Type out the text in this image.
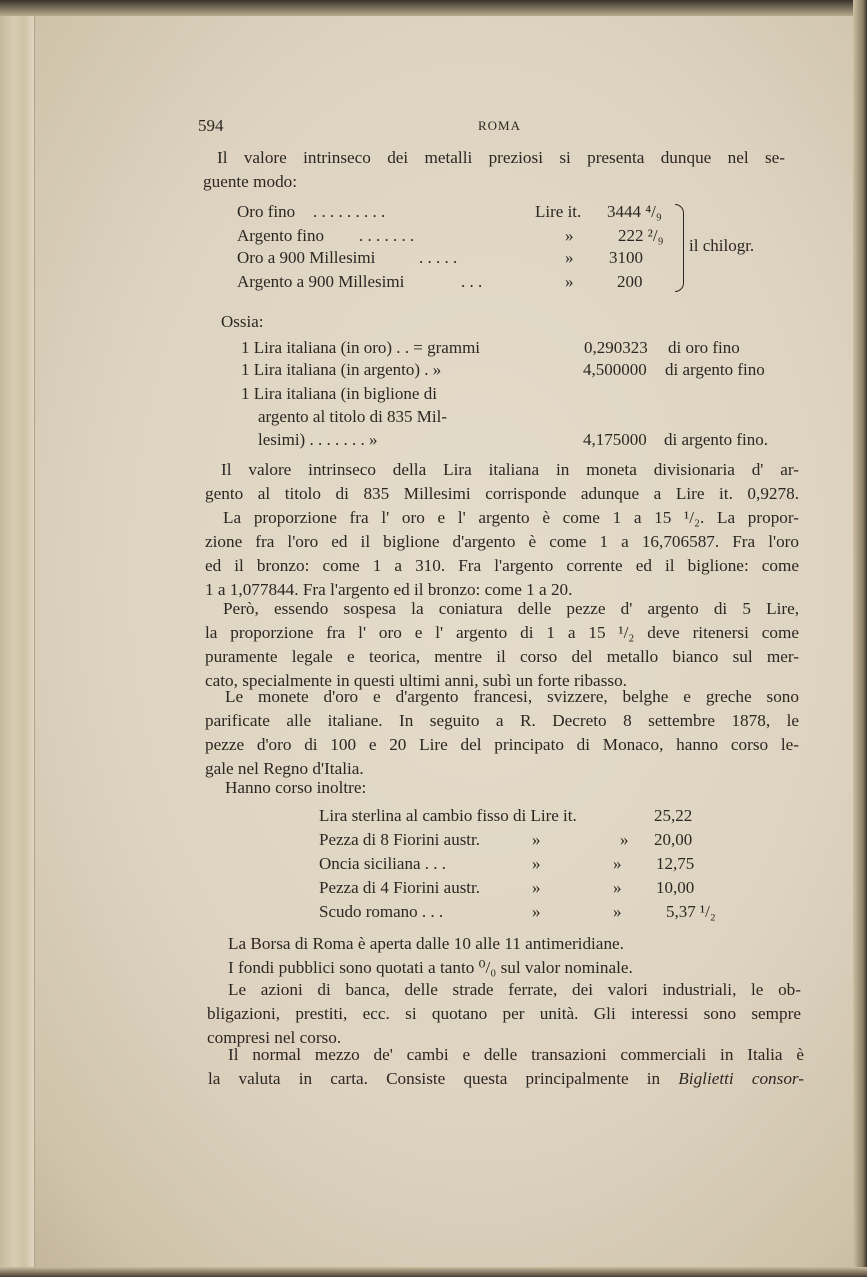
594	ROMA
Il valore intrinseco dei metalli preziosi si presenta dunque nel se-
guente modo:
Oro fino . . . . . . . . .	Lire it. 3444 ⁴/₉
Argento fino . . . . . . .	»	222 ²/₉
Oro a 900 Millesimi	. . . . .	» 3100
Argento a 900 Millesimi	. . .	»	200
il chilogr.
Ossia:
1 Lira italiana (in oro) . . = grammi	0,290323 di oro fino
1 Lira italiana (in argento) . »	4,500000 di argento fino
1 Lira italiana (in biglione di
argento al titolo di 835 Mil-
lesimi) . . . . . . . »	4,175000 di argento fino.
Il valore intrinseco della Lira italiana in moneta divisionaria d' ar-
gento al titolo di 835 Millesimi corrisponde adunque a Lire it. 0,9278.
La proporzione fra l' oro e l' argento è come 1 a 15 ¹/₂. La propor-
zione fra l'oro ed il biglione d'argento è come 1 a 16,706587. Fra l'oro
ed il bronzo: come 1 a 310. Fra l'argento corrente ed il biglione: come
1 a 1,077844. Fra l'argento ed il bronzo: come 1 a 20.
Però, essendo sospesa la coniatura delle pezze d' argento di 5 Lire,
la proporzione fra l' oro e l' argento di 1 a 15 ¹/₂ deve ritenersi come
puramente legale e teorica, mentre il corso del metallo bianco sul mer-
cato, specialmente in questi ultimi anni, subì un forte ribasso.
Le monete d'oro e d'argento francesi, svizzere, belghe e greche sono
parificate alle italiane. In seguito a R. Decreto 8 settembre 1878, le
pezze d'oro di 100 e 20 Lire del principato di Monaco, hanno corso le-
gale nel Regno d'Italia.
Hanno corso inoltre:
Lira sterlina al cambio fisso di Lire it.	25,22
Pezza di 8 Fiorini austr.	»	» 20,00
Oncia siciliana . . .	»	» 12,75
Pezza di 4 Fiorini austr.	»	» 10,00
Scudo romano . . .	»	»	5,37 ¹/₂
La Borsa di Roma è aperta dalle 10 alle 11 antimeridiane.
I fondi pubblici sono quotati a tanto ⁰/₀ sul valor nominale.
Le azioni di banca, delle strade ferrate, dei valori industriali, le ob-
bligazioni, prestiti, ecc. si quotano per unità. Gli interessi sono sempre
compresi nel corso.
Il normal mezzo de' cambi e delle transazioni commerciali in Italia è
la valuta in carta. Consiste questa principalmente in Biglietti consor-
